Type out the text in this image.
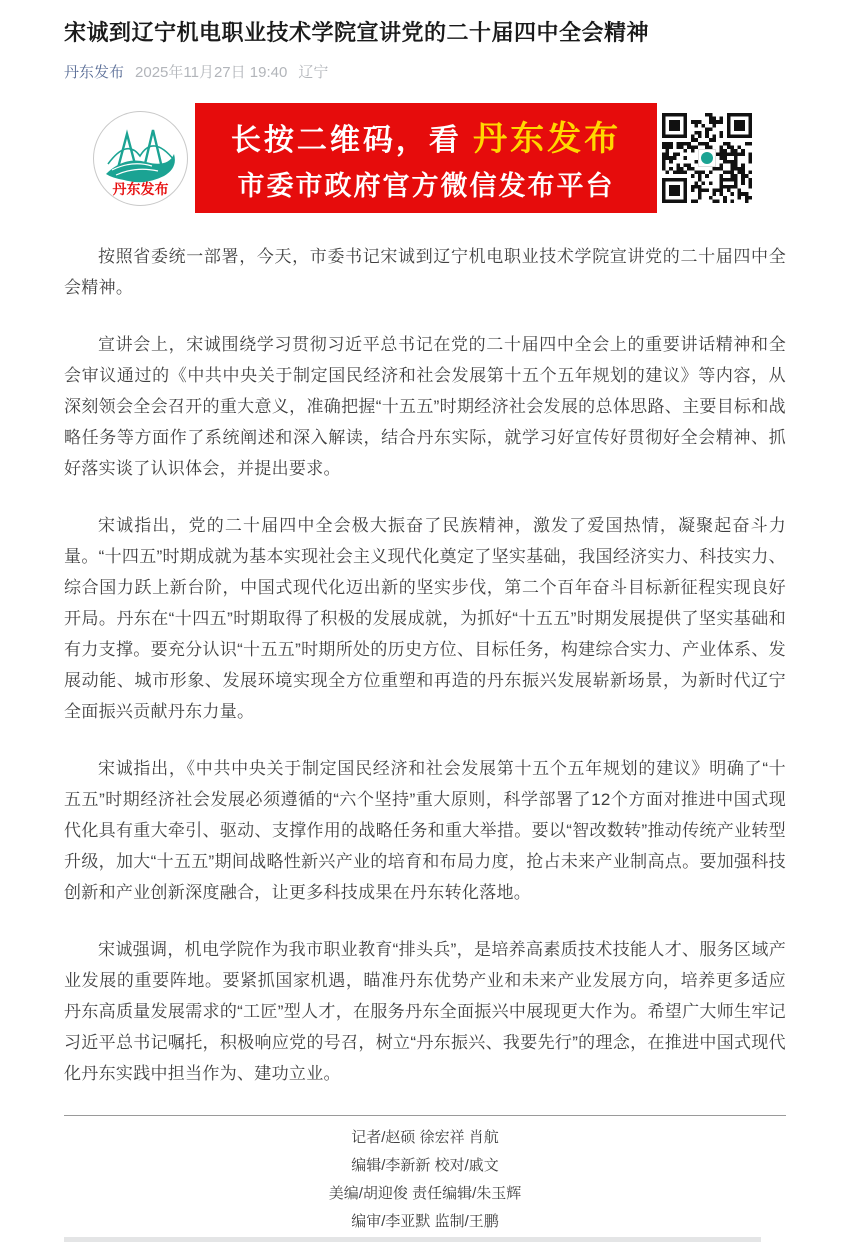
宋诚到辽宁机电职业技术学院宣讲党的二十届四中全会精神
丹东发布 2025年11月27日 19:40 辽宁
丹东发布
长按二维码，看 丹东发布
市委市政府官方微信发布平台

按照省委统一部署，今天，市委书记宋诚到辽宁机电职业技术学院宣讲党的二十届四中全会精神。

宣讲会上，宋诚围绕学习贯彻习近平总书记在党的二十届四中全会上的重要讲话精神和全会审议通过的《中共中央关于制定国民经济和社会发展第十五个五年规划的建议》等内容，从深刻领会全会召开的重大意义，准确把握“十五五”时期经济社会发展的总体思路、主要目标和战略任务等方面作了系统阐述和深入解读，结合丹东实际，就学习好宣传好贯彻好全会精神、抓好落实谈了认识体会，并提出要求。

宋诚指出，党的二十届四中全会极大振奋了民族精神，激发了爱国热情，凝聚起奋斗力量。“十四五”时期成就为基本实现社会主义现代化奠定了坚实基础，我国经济实力、科技实力、综合国力跃上新台阶，中国式现代化迈出新的坚实步伐，第二个百年奋斗目标新征程实现良好开局。丹东在“十四五”时期取得了积极的发展成就，为抓好“十五五”时期发展提供了坚实基础和有力支撑。要充分认识“十五五”时期所处的历史方位、目标任务，构建综合实力、产业体系、发展动能、城市形象、发展环境实现全方位重塑和再造的丹东振兴发展崭新场景，为新时代辽宁全面振兴贡献丹东力量。

宋诚指出，《中共中央关于制定国民经济和社会发展第十五个五年规划的建议》明确了“十五五”时期经济社会发展必须遵循的“六个坚持”重大原则，科学部署了12个方面对推进中国式现代化具有重大牵引、驱动、支撑作用的战略任务和重大举措。要以“智改数转”推动传统产业转型升级，加大“十五五”期间战略性新兴产业的培育和布局力度，抢占未来产业制高点。要加强科技创新和产业创新深度融合，让更多科技成果在丹东转化落地。

宋诚强调，机电学院作为我市职业教育“排头兵”，是培养高素质技术技能人才、服务区域产业发展的重要阵地。要紧抓国家机遇，瞄准丹东优势产业和未来产业发展方向，培养更多适应丹东高质量发展需求的“工匠”型人才，在服务丹东全面振兴中展现更大作为。希望广大师生牢记习近平总书记嘱托，积极响应党的号召，树立“丹东振兴、我要先行”的理念，在推进中国式现代化丹东实践中担当作为、建功立业。

记者/赵硕 徐宏祥 肖航
编辑/李新新 校对/戚文
美编/胡迎俊 责任编辑/朱玉辉
编审/李亚默 监制/王鹏
